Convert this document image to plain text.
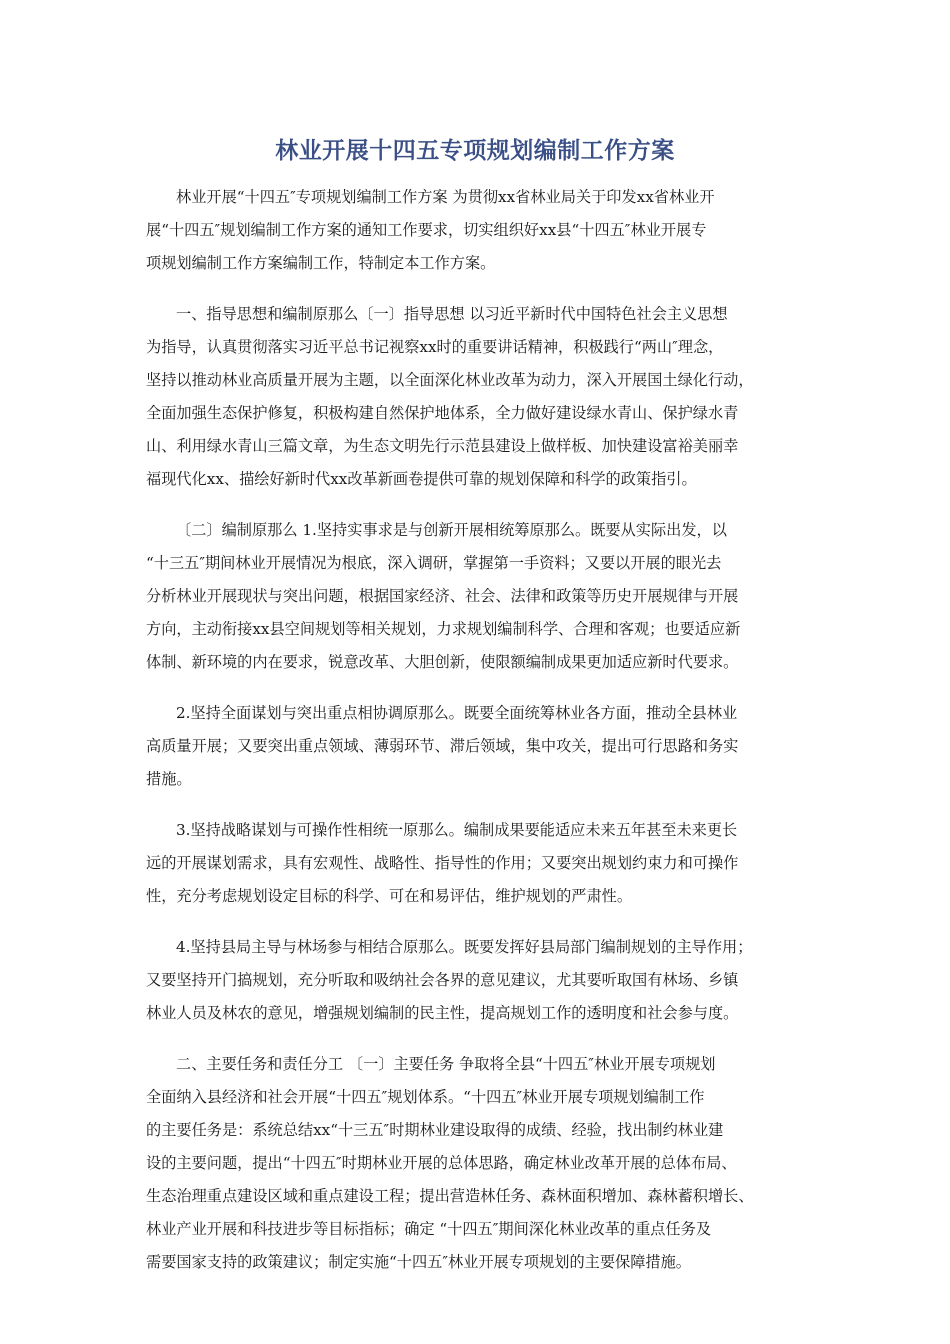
林业开展十四五专项规划编制工作方案
林业开展“十四五″专项规划编制工作方案 为贯彻xx省林业局关于印发xx省林业开
展“十四五″规划编制工作方案的通知工作要求，切实组织好xx县“十四五″林业开展专
项规划编制工作方案编制工作，特制定本工作方案。
一、指导思想和编制原那么〔一〕指导思想 以习近平新时代中国特色社会主义思想
为指导，认真贯彻落实习近平总书记视察xx时的重要讲话精神，积极践行“两山″理念，
坚持以推动林业高质量开展为主题，以全面深化林业改革为动力，深入开展国土绿化行动，
全面加强生态保护修复，积极构建自然保护地体系，全力做好建设绿水青山、保护绿水青
山、利用绿水青山三篇文章，为生态文明先行示范县建设上做样板、加快建设富裕美丽幸
福现代化xx、描绘好新时代xx改革新画卷提供可靠的规划保障和科学的政策指引。
〔二〕编制原那么 1.坚持实事求是与创新开展相统筹原那么。既要从实际出发，以
“十三五″期间林业开展情况为根底，深入调研，掌握第一手资料；又要以开展的眼光去
分析林业开展现状与突出问题，根据国家经济、社会、法律和政策等历史开展规律与开展
方向，主动衔接xx县空间规划等相关规划，力求规划编制科学、合理和客观；也要适应新
体制、新环境的内在要求，锐意改革、大胆创新，使限额编制成果更加适应新时代要求。
2.坚持全面谋划与突出重点相协调原那么。既要全面统筹林业各方面，推动全县林业
高质量开展；又要突出重点领域、薄弱环节、滞后领域，集中攻关，提出可行思路和务实
措施。
3.坚持战略谋划与可操作性相统一原那么。编制成果要能适应未来五年甚至未来更长
远的开展谋划需求，具有宏观性、战略性、指导性的作用；又要突出规划约束力和可操作
性，充分考虑规划设定目标的科学、可在和易评估，维护规划的严肃性。
4.坚持县局主导与林场参与相结合原那么。既要发挥好县局部门编制规划的主导作用；
又要坚持开门搞规划，充分听取和吸纳社会各界的意见建议，尤其要听取国有林场、乡镇
林业人员及林农的意见，增强规划编制的民主性，提高规划工作的透明度和社会参与度。
二、主要任务和责任分工 〔一〕主要任务 争取将全县“十四五″林业开展专项规划
全面纳入县经济和社会开展“十四五″规划体系。“十四五″林业开展专项规划编制工作
的主要任务是：系统总结xx“十三五″时期林业建设取得的成绩、经验，找出制约林业建
设的主要问题，提出“十四五″时期林业开展的总体思路，确定林业改革开展的总体布局、
生态治理重点建设区域和重点建设工程；提出营造林任务、森林面积增加、森林蓄积增长、
林业产业开展和科技进步等目标指标；确定 “十四五″期间深化林业改革的重点任务及
需要国家支持的政策建议；制定实施“十四五″林业开展专项规划的主要保障措施。
